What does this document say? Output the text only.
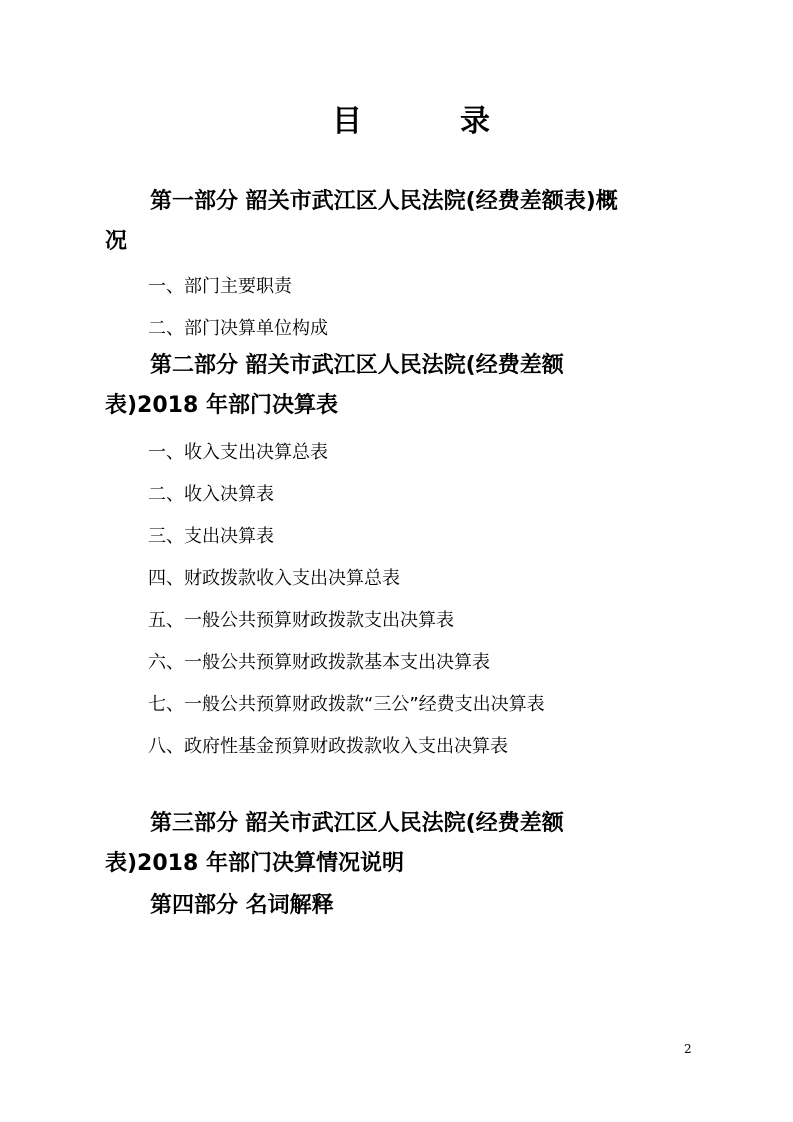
目	录
第一部分 韶关市武江区人民法院(经费差额表)概
况
一、部门主要职责
二、部门决算单位构成
第二部分 韶关市武江区人民法院(经费差额
表)2018 年部门决算表
一、收入支出决算总表
二、收入决算表
三、支出决算表
四、财政拨款收入支出决算总表
五、一般公共预算财政拨款支出决算表
六、一般公共预算财政拨款基本支出决算表
七、一般公共预算财政拨款“三公”经费支出决算表
八、政府性基金预算财政拨款收入支出决算表
第三部分 韶关市武江区人民法院(经费差额
表)2018 年部门决算情况说明
第四部分 名词解释
2
